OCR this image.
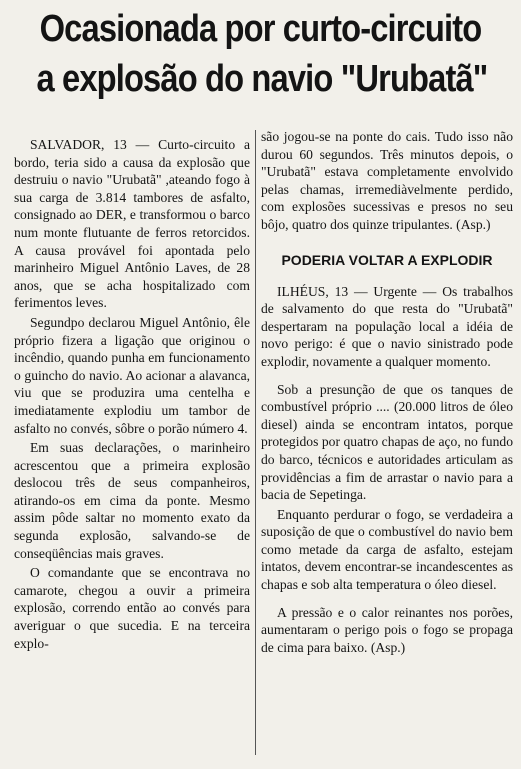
Ocasionada por curto-circuito
a explosão do navio "Urubatã"

SALVADOR, 13 — Curto-circuito a bordo, teria sido a causa da explosão que destruiu o navio "Urubatã" ,ateando fogo à sua carga de 3.814 tambores de asfalto, consignado ao DER, e transformou o barco num monte flutuante de ferros retorcidos. A causa provável foi apontada pelo marinheiro Miguel Antônio Laves, de 28 anos, que se acha hospitalizado com ferimentos leves.

Segundpo declarou Miguel Antônio, êle próprio fizera a ligação que originou o incêndio, quando punha em funcionamento o guincho do navio. Ao acionar a alavanca, viu que se produzira uma centelha e imediatamente explodiu um tambor de asfalto no convés, sôbre o porão número 4.

Em suas declarações, o marinheiro acrescentou que a primeira explosão deslocou três de seus companheiros, atirando-os em cima da ponte. Mesmo assim pôde saltar no momento exato da segunda explosão, salvando-se de conseqüências mais graves.

O comandante que se encontrava no camarote, chegou a ouvir a primeira explosão, correndo então ao convés para averiguar o que sucedia. E na terceira explo-

são jogou-se na ponte do cais. Tudo isso não durou 60 segundos. Três minutos depois, o "Urubatã" estava completamente envolvido pelas chamas, irremediàvelmente perdido, com explosões sucessivas e presos no seu bôjo, quatro dos quinze tripulantes. (Asp.)

PODERIA VOLTAR A EXPLODIR

ILHÉUS, 13 — Urgente — Os trabalhos de salvamento do que resta do "Urubatã" despertaram na população local a idéia de novo perigo: é que o navio sinistrado pode explodir, novamente a qualquer momento.

Sob a presunção de que os tanques de combustível próprio .... (20.000 litros de óleo diesel) ainda se encontram intatos, porque protegidos por quatro chapas de aço, no fundo do barco, técnicos e autoridades articulam as providências a fim de arrastar o navio para a bacia de Sepetinga.

Enquanto perdurar o fogo, se verdadeira a suposição de que o combustível do navio bem como metade da carga de asfalto, estejam intatos, devem encontrar-se incandescentes as chapas e sob alta temperatura o óleo diesel.

A pressão e o calor reinantes nos porões, aumentaram o perigo pois o fogo se propaga de cima para baixo. (Asp.)
